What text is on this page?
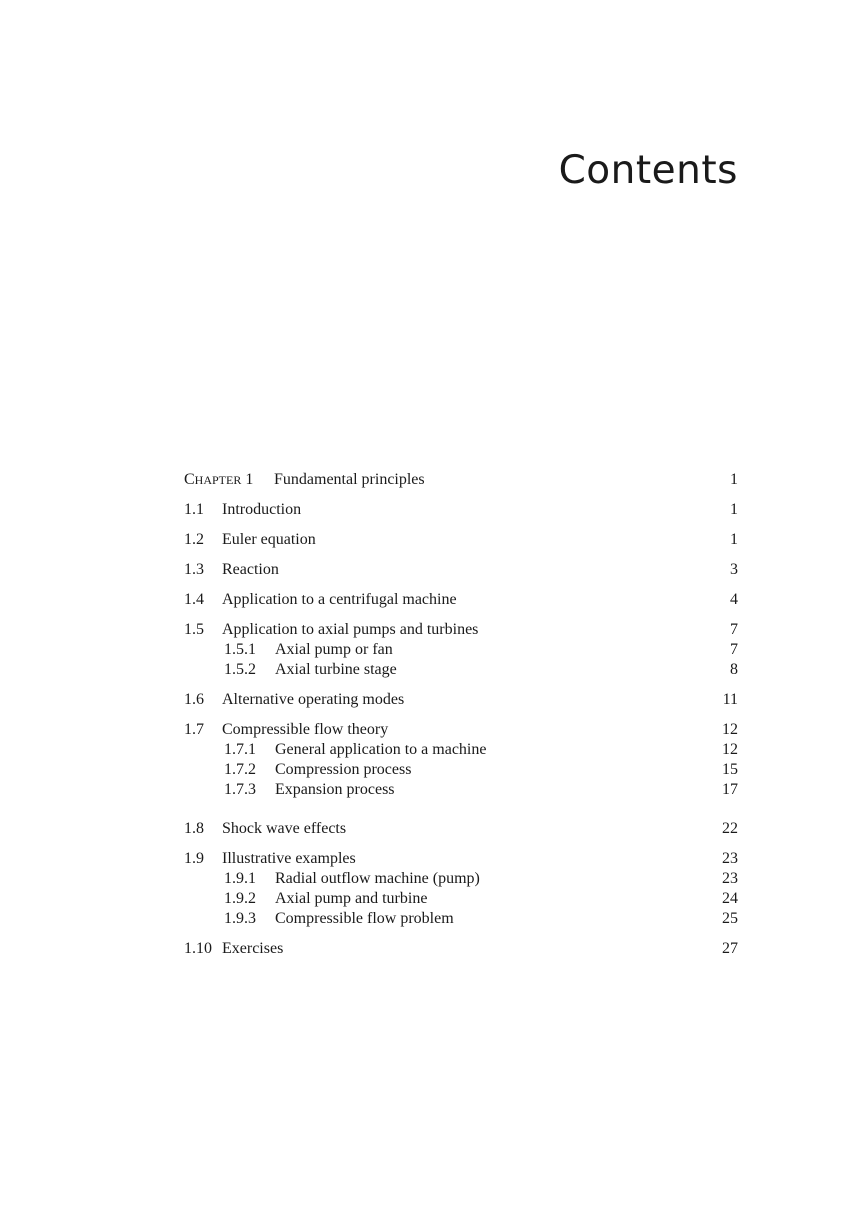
Contents
CHAPTER 1 Fundamental principles	1
1.1 Introduction	1
1.2 Euler equation	1
1.3 Reaction	3
1.4 Application to a centrifugal machine	4
1.5 Application to axial pumps and turbines	7
1.5.1 Axial pump or fan	7
1.5.2 Axial turbine stage	8
1.6 Alternative operating modes	11
1.7 Compressible flow theory	12
1.7.1 General application to a machine	12
1.7.2 Compression process	15
1.7.3 Expansion process	17
1.8 Shock wave effects	22
1.9 Illustrative examples	23
1.9.1 Radial outflow machine (pump)	23
1.9.2 Axial pump and turbine	24
1.9.3 Compressible flow problem	25
1.10 Exercises	27
